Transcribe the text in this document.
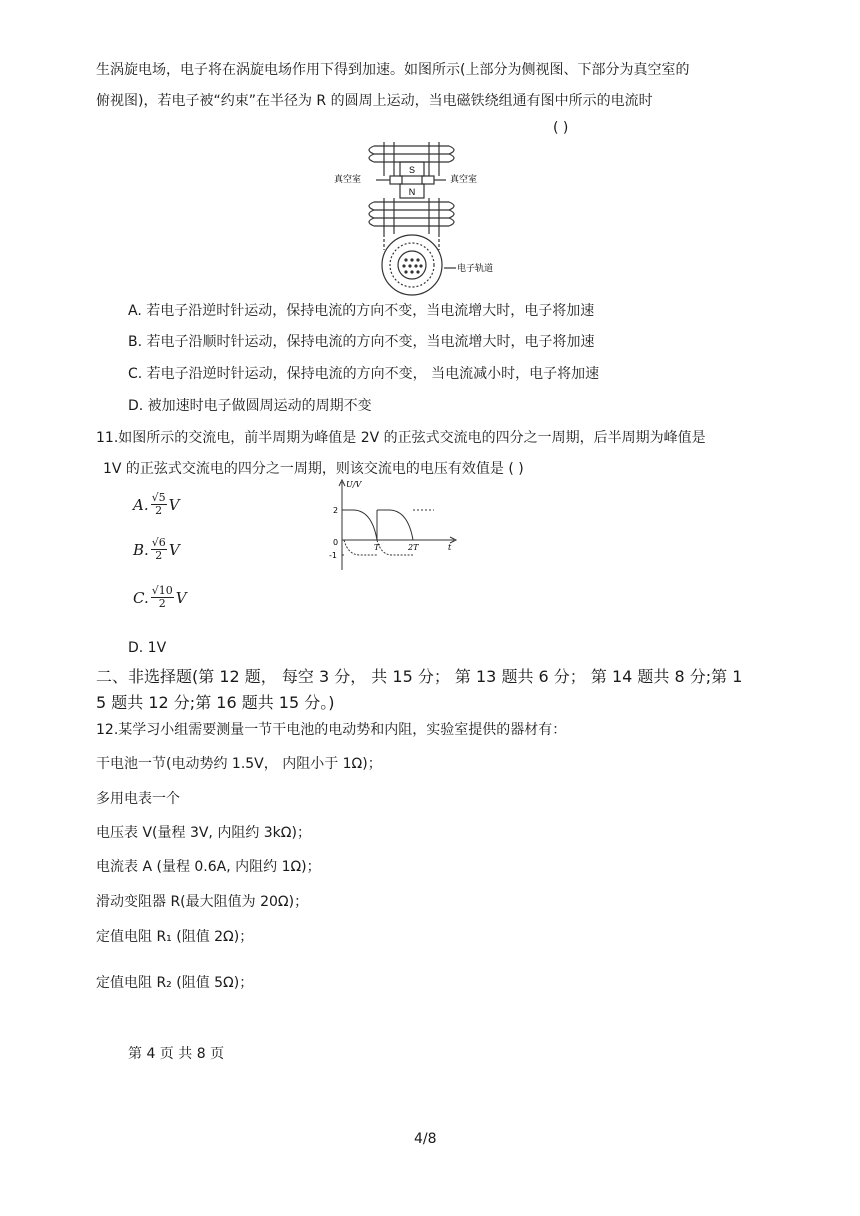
生涡旋电场，电子将在涡旋电场作用下得到加速。如图所示(上部分为侧视图、下部分为真空室的
俯视图)，若电子被“约束”在半径为 R 的圆周上运动，当电磁铁绕组通有图中所示的电流时
( )
S
N
真空室	真空室
电子轨道
A. 若电子沿逆时针运动，保持电流的方向不变，当电流增大时，电子将加速
B. 若电子沿顺时针运动，保持电流的方向不变，当电流增大时，电子将加速
C. 若电子沿逆时针运动，保持电流的方向不变， 当电流减小时，电子将加速
D. 被加速时电子做圆周运动的周期不变
11.如图所示的交流电，前半周期为峰值是 2V 的正弦式交流电的四分之一周期，后半周期为峰值是
1V 的正弦式交流电的四分之一周期，则该交流电的电压有效值是 ( )
A. $\frac{√5}{2}$ V
B. $\frac{√6}{2}$ V
C. $\frac{√10}{2}$ V
D. 1V
U/V
2
0
-1
T	2T	t
二、非选择题(第 12 题， 每空 3 分， 共 15 分； 第 13 题共 6 分； 第 14 题共 8 分;第 1
5 题共 12 分;第 16 题共 15 分。)
12.某学习小组需要测量一节干电池的电动势和内阻，实验室提供的器材有：
干电池一节(电动势约 1.5V， 内阻小于 1Ω)；
多用电表一个
电压表 V(量程 3V, 内阻约 3kΩ)；
电流表 A (量程 0.6A, 内阻约 1Ω)；
滑动变阻器 R(最大阻值为 20Ω)；
定值电阻 R₁ (阻值 2Ω)；
定值电阻 R₂ (阻值 5Ω)；
第 4 页 共 8 页
4/8
